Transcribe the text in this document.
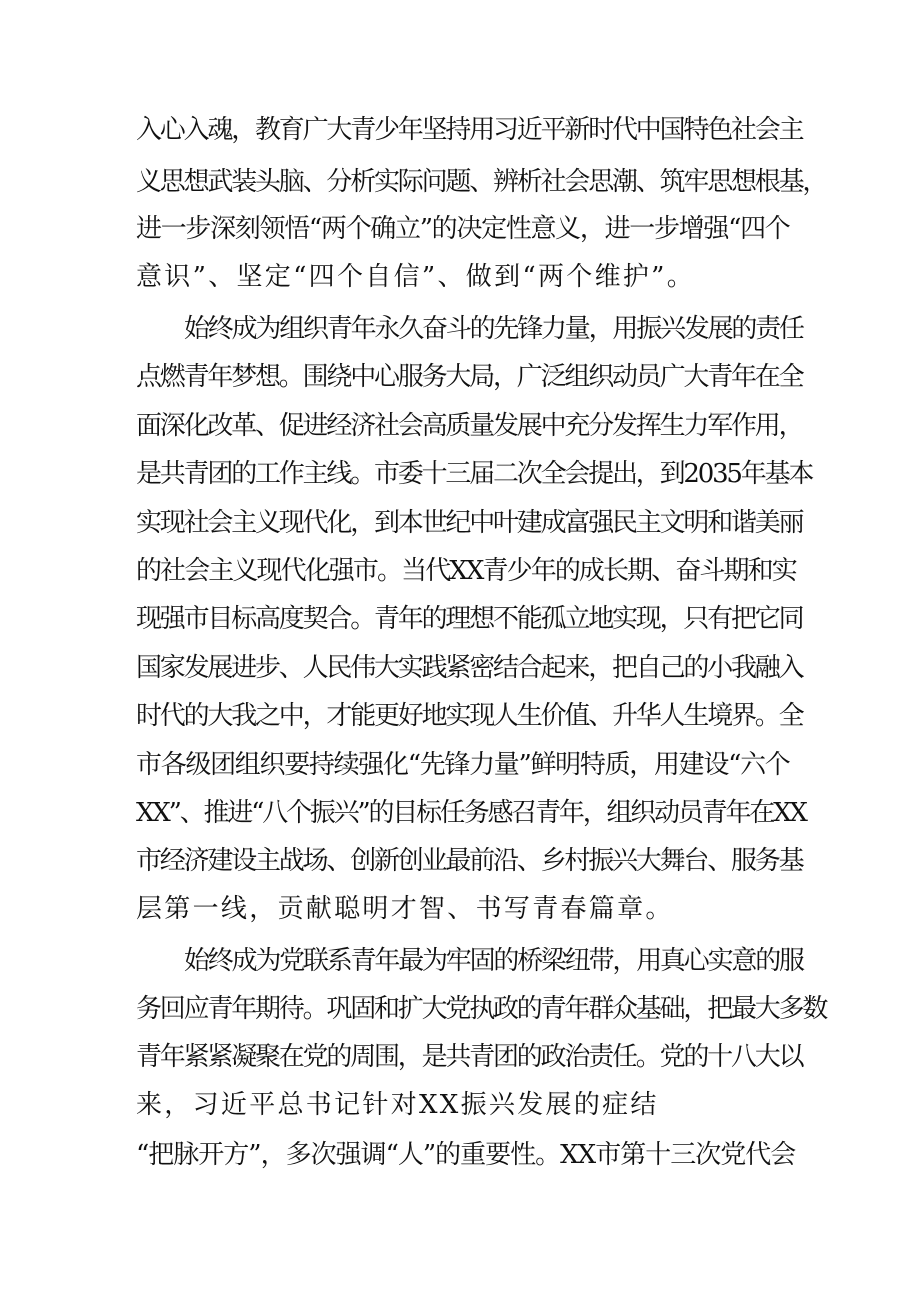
入心入魂，教育广大青少年坚持用习近平新时代中国特色社会主
义思想武装头脑、分析实际问题、辨析社会思潮、筑牢思想根基，
进一步深刻领悟“两个确立”的决定性意义，进一步增强“四个
意识”、坚定“四个自信”、做到“两个维护”。
始终成为组织青年永久奋斗的先锋力量，用振兴发展的责任
点燃青年梦想。围绕中心服务大局，广泛组织动员广大青年在全
面深化改革、促进经济社会高质量发展中充分发挥生力军作用，
是共青团的工作主线。市委十三届二次全会提出，到2035年基本
实现社会主义现代化，到本世纪中叶建成富强民主文明和谐美丽
的社会主义现代化强市。当代XX青少年的成长期、奋斗期和实
现强市目标高度契合。青年的理想不能孤立地实现，只有把它同
国家发展进步、人民伟大实践紧密结合起来，把自己的小我融入
时代的大我之中，才能更好地实现人生价值、升华人生境界。全
市各级团组织要持续强化“先锋力量”鲜明特质，用建设“六个
XX”、推进“八个振兴”的目标任务感召青年，组织动员青年在XX
市经济建设主战场、创新创业最前沿、乡村振兴大舞台、服务基
层第一线，贡献聪明才智、书写青春篇章。
始终成为党联系青年最为牢固的桥梁纽带，用真心实意的服
务回应青年期待。巩固和扩大党执政的青年群众基础，把最大多数
青年紧紧凝聚在党的周围，是共青团的政治责任。党的十八大以
来，习近平总书记针对XX振兴发展的症结
“把脉开方”，多次强调“人”的重要性。XX市第十三次党代会
